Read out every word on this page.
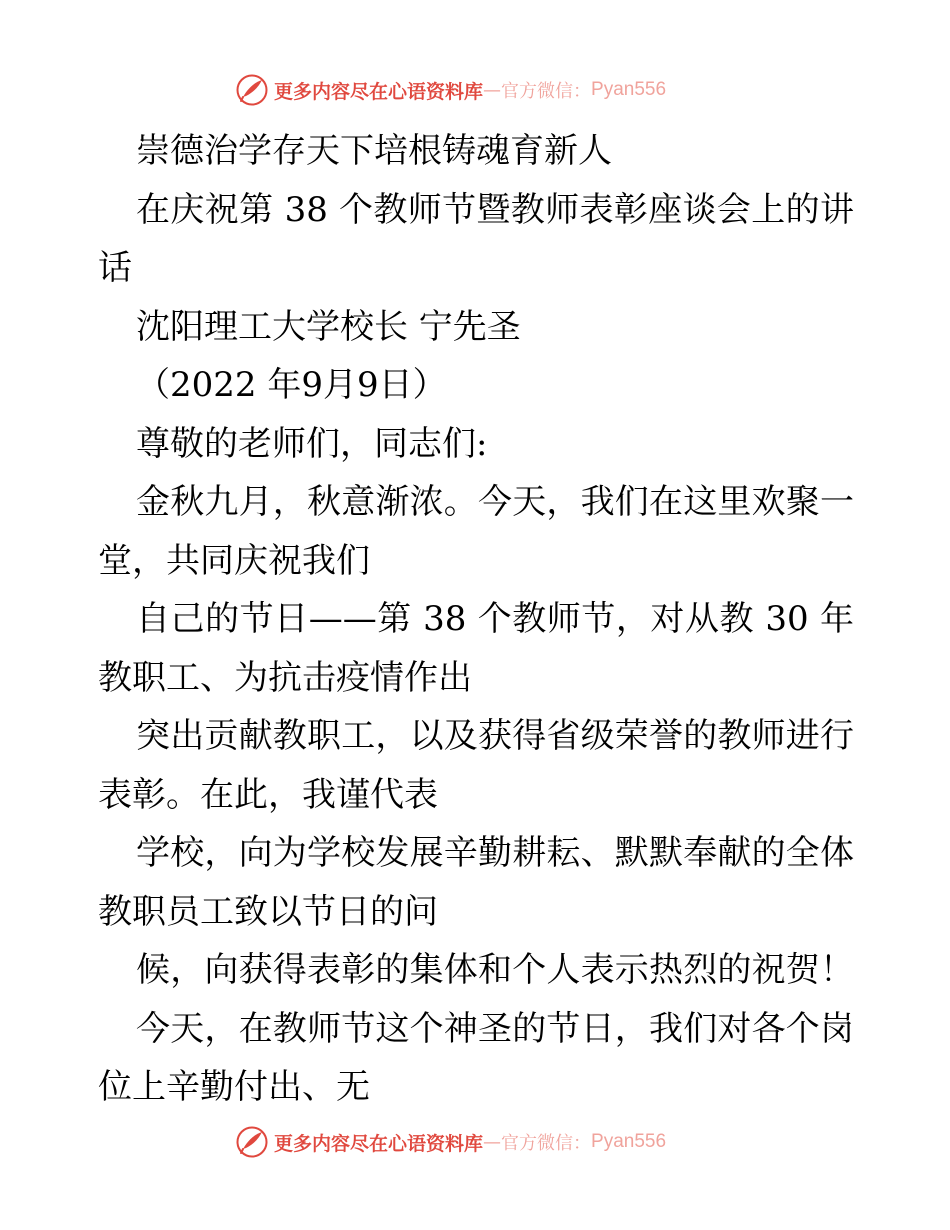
更多内容尽在心语资料库 — 官方微信： Pyan556
崇德治学存天下培根铸魂育新人
在庆祝第 38 个教师节暨教师表彰座谈会上的讲
话
沈阳理工大学校长 宁先圣
（2022 年9月9日）
尊敬的老师们，同志们:
金秋九月，秋意渐浓。今天，我们在这里欢聚一
堂，共同庆祝我们
自己的节日——第 38 个教师节，对从教 30 年
教职工、为抗击疫情作出
突出贡献教职工，以及获得省级荣誉的教师进行
表彰。在此，我谨代表
学校，向为学校发展辛勤耕耘、默默奉献的全体
教职员工致以节日的问
候，向获得表彰的集体和个人表示热烈的祝贺！
今天，在教师节这个神圣的节日，我们对各个岗
位上辛勤付出、无
更多内容尽在心语资料库 — 官方微信： Pyan556
